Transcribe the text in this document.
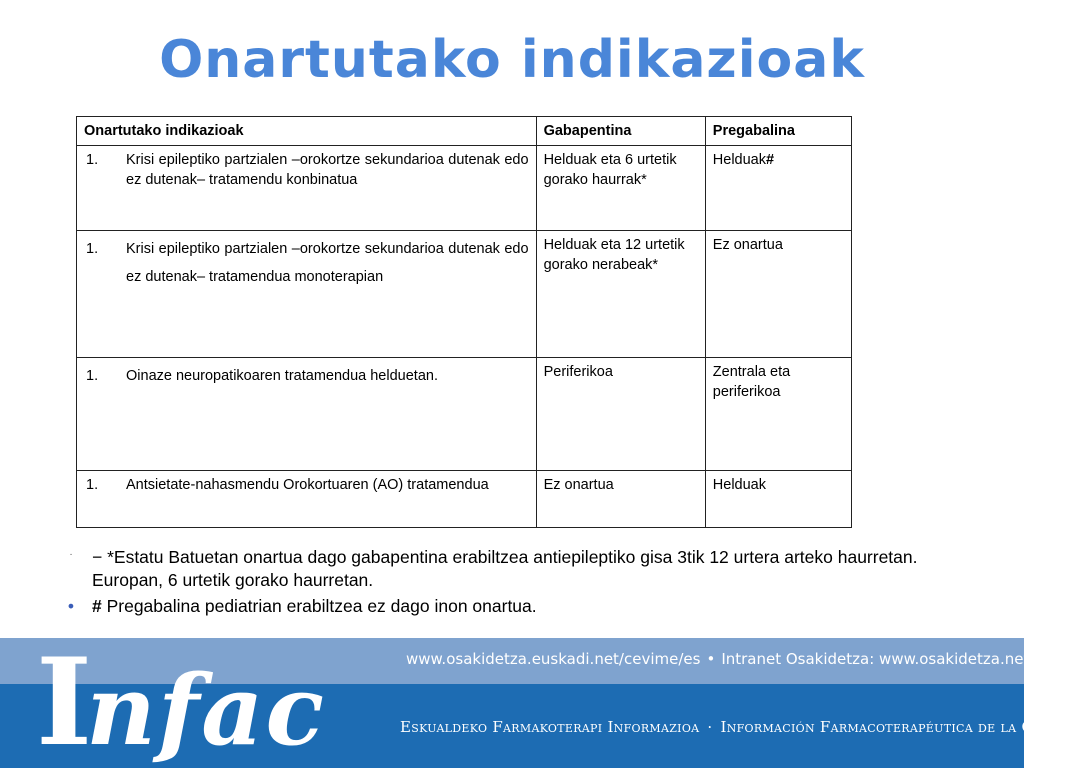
Onartutako indikazioak
Onartutako indikazioak	Gabapentina	Pregabalina

1. Krisi epileptiko partzialen –orokortze sekundarioa dutenak edo ez dutenak– tratamendu konbinatua	Helduak eta 6 urtetik gorako haurrak*	Helduak#

1. Krisi epileptiko partzialen –orokortze sekundarioa dutenak edo ez dutenak– tratamendua monoterapian	Helduak eta 12 urtetik gorako nerabeak*	Ez onartua

1. Oinaze neuropatikoaren tratamendua helduetan.	Periferikoa	Zentrala eta periferikoa

1. Antsietate-nahasmendu Orokortuaren (AO) tratamendua	Ez onartua	Helduak
·	− *Estatu Batuetan onartua dago gabapentina erabiltzea antiepileptiko gisa 3tik 12 urtera arteko haurretan. Europan, 6 urtetik gorako haurretan.
•	# Pregabalina pediatrian erabiltzea ez dago inon onartua.
Infac	www.osakidetza.euskadi.net/cevime/es • Intranet Osakidetza: www.osakidetza.net
Eskualdeko Farmakoterapi Informazioa · Información Farmacoterapéutica de la Comarca
